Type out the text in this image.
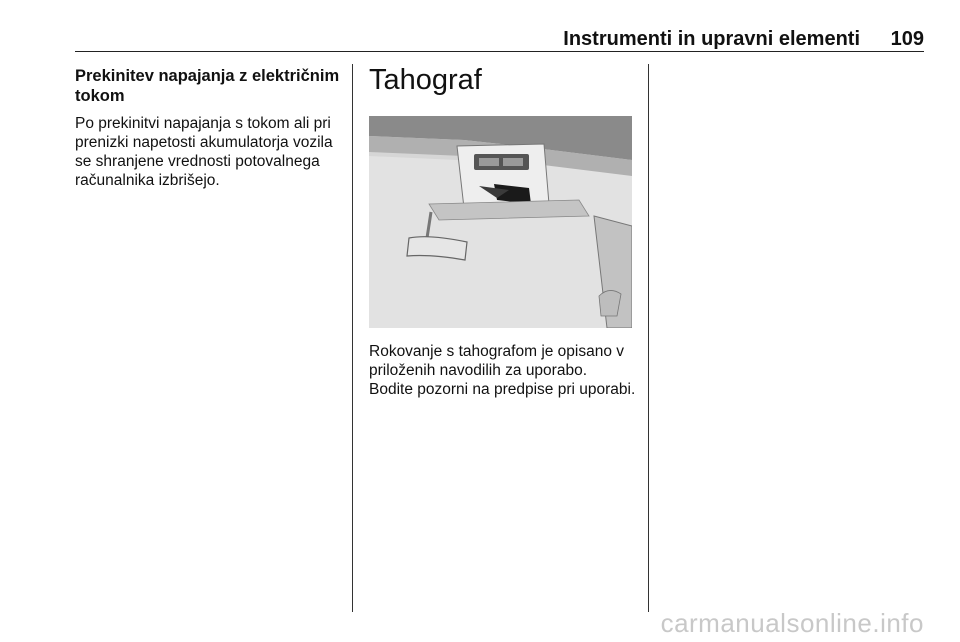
Instrumenti in upravni elementi 109
Prekinitev napajanja z električnim tokom

Po prekinitvi napajanja s tokom ali pri prenizki napetosti akumulatorja vozila se shranjene vrednosti potovalnega računalnika izbrišejo.

Tahograf

Rokovanje s tahografom je opisano v priloženih navodilih za uporabo.

Bodite pozorni na predpise pri uporabi.

carmanualsonline.info
